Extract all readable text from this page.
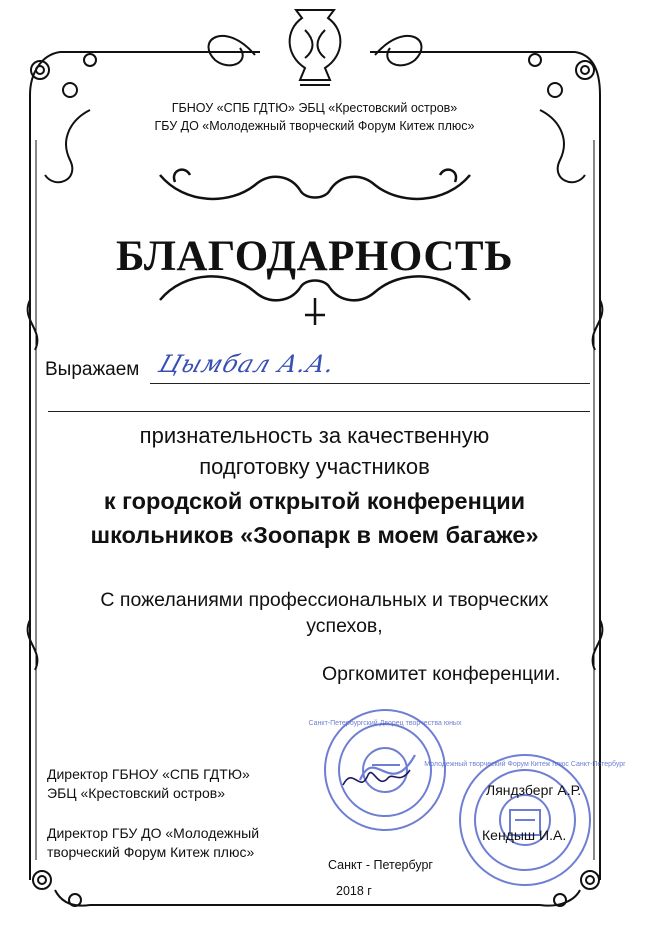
ГБНОУ «СПБ ГДТЮ» ЭБЦ «Крестовский остров»
ГБУ ДО «Молодежный творческий Форум Китеж плюс»
БЛАГОДАРНОСТЬ
Выражаем Цымбал А.А.
признательность за качественную
подготовку участников
к городской открытой конференции
школьников «Зоопарк в моем багаже»
С пожеланиями профессиональных и творческих
успехов,
Оргкомитет конференции.
Санкт-Петербургский Дворец творчества юных
Молодежный творческий Форум Китеж плюс Санкт-Петербург
Директор ГБНОУ «СПБ ГДТЮ»
ЭБЦ «Крестовский остров»
Директор ГБУ ДО «Молодежный
творческий Форум Китеж плюс»
Ляндзберг А.Р.
Кендыш И.А.
Санкт - Петербург
2018 г
